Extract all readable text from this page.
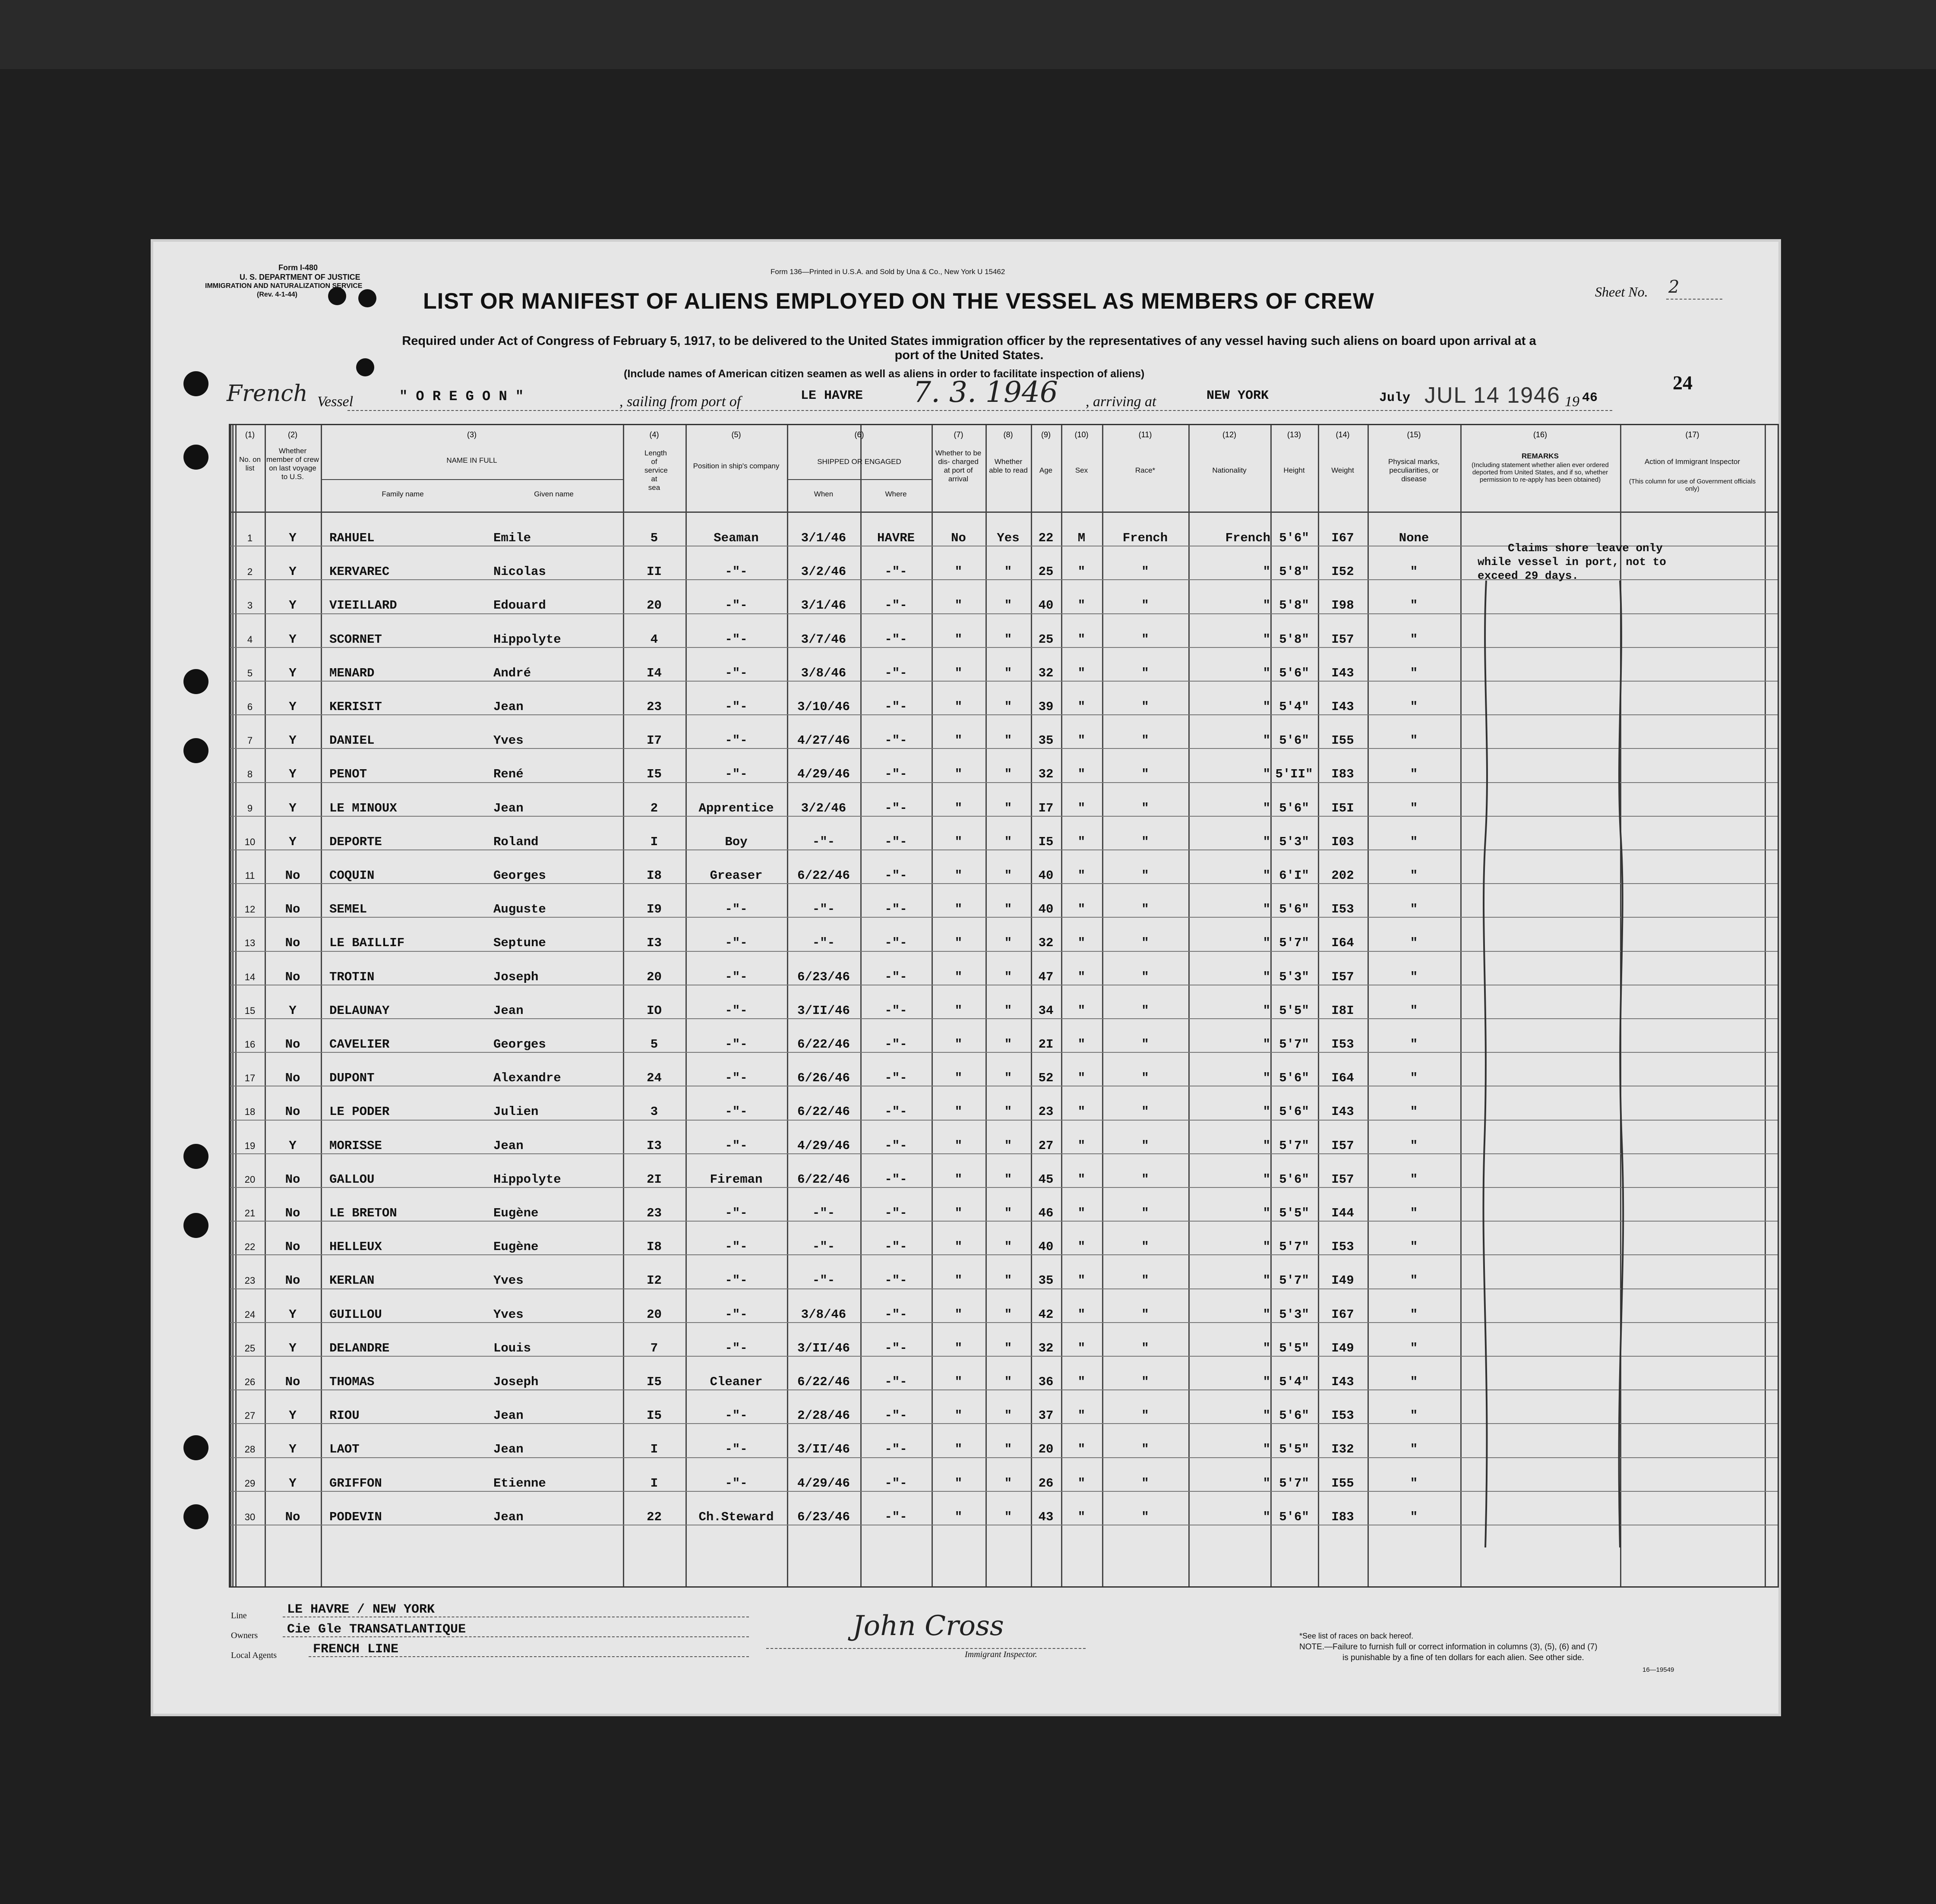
Form I-480
U. S. DEPARTMENT OF JUSTICE
IMMIGRATION AND NATURALIZATION SERVICE
(Rev. 4-1-44)
Form 136—Printed in U.S.A. and Sold by Una & Co., New York U 15462
Sheet No. 2
LIST OR MANIFEST OF ALIENS EMPLOYED ON THE VESSEL AS MEMBERS OF CREW
Required under Act of Congress of February 5, 1917, to be delivered to the United States immigration officer by the representatives of any vessel having such aliens on board upon arrival at a
port of the United States.
(Include names of American citizen seamen as well as aliens in order to facilitate inspection of aliens)	24
French Vessel	" O R E G O N "	, sailing from port of	LE HAVRE 7. 3. 1946 , arriving at	NEW YORK	July JUL 14 1946 19 46
(1)
No. on list
(2)
Whether member of crew on last voyage to U.S.
(3)
NAME IN FULL
Family name	Given name
(4)
Length of service at sea
(5)
Position in ship's company
(6)
SHIPPED OR ENGAGED
When	Where
(7)
Whether to be dis- charged at port of arrival
(8)
Whether able to read
(9)
Age
(10)
Sex
(11)
Race*
(12)
Nationality
(13)
Height
(14)
Weight
(15)
Physical marks, peculiarities, or disease
(16)
REMARKS
(Including statement whether alien ever ordered deported from United States, and if so, whether permission to re-apply has been obtained)
(17)
Action of Immigrant Inspector
(This column for use of Government officials only)
1	Y	RAHUEL	Emile	5	Seaman	3/1/46	HAVRE	No	Yes	22	M	French	French 5'6"	I67	None
2	Y	KERVAREC	Nicolas	II	-"-	3/2/46	-"-	"	"	25	"	"	" 5'8"	I52	"
3	Y	VIEILLARD	Edouard	20	-"-	3/1/46	-"-	"	"	40	"	"	" 5'8"	I98	"
4	Y	SCORNET	Hippolyte	4	-"-	3/7/46	-"-	"	"	25	"	"	" 5'8"	I57	"
5	Y	MENARD	André	I4	-"-	3/8/46	-"-	"	"	32	"	"	" 5'6"	I43	"
6	Y	KERISIT	Jean	23	-"-	3/10/46	-"-	"	"	39	"	"	" 5'4"	I43	"
7	Y	DANIEL	Yves	I7	-"-	4/27/46	-"-	"	"	35	"	"	" 5'6"	I55	"
8	Y	PENOT	René	I5	-"-	4/29/46	-"-	"	"	32	"	"	" 5'II"	I83	"
9	Y	LE MINOUX	Jean	2	Apprentice	3/2/46	-"-	"	"	I7	"	"	" 5'6"	I5I	"
10	Y	DEPORTE	Roland	I	Boy	-"-	-"-	"	"	I5	"	"	" 5'3"	I03	"
11	No	COQUIN	Georges	I8	Greaser	6/22/46	-"-	"	"	40	"	"	" 6'I"	202	"
12	No	SEMEL	Auguste	I9	-"-	-"-	-"-	"	"	40	"	"	" 5'6"	I53	"
13	No	LE BAILLIF	Septune	I3	-"-	-"-	-"-	"	"	32	"	"	" 5'7"	I64	"
14	No	TROTIN	Joseph	20	-"-	6/23/46	-"-	"	"	47	"	"	" 5'3"	I57	"
15	Y	DELAUNAY	Jean	IO	-"-	3/II/46	-"-	"	"	34	"	"	" 5'5"	I8I	"
16	No	CAVELIER	Georges	5	-"-	6/22/46	-"-	"	"	2I	"	"	" 5'7"	I53	"
17	No	DUPONT	Alexandre	24	-"-	6/26/46	-"-	"	"	52	"	"	" 5'6"	I64	"
18	No	LE PODER	Julien	3	-"-	6/22/46	-"-	"	"	23	"	"	" 5'6"	I43	"
19	Y	MORISSE	Jean	I3	-"-	4/29/46	-"-	"	"	27	"	"	" 5'7"	I57	"
20	No	GALLOU	Hippolyte	2I	Fireman	6/22/46	-"-	"	"	45	"	"	" 5'6"	I57	"
21	No	LE BRETON	Eugène	23	-"-	-"-	-"-	"	"	46	"	"	" 5'5"	I44	"
22	No	HELLEUX	Eugène	I8	-"-	-"-	-"-	"	"	40	"	"	" 5'7"	I53	"
23	No	KERLAN	Yves	I2	-"-	-"-	-"-	"	"	35	"	"	" 5'7"	I49	"
24	Y	GUILLOU	Yves	20	-"-	3/8/46	-"-	"	"	42	"	"	" 5'3"	I67	"
25	Y	DELANDRE	Louis	7	-"-	3/II/46	-"-	"	"	32	"	"	" 5'5"	I49	"
26	No	THOMAS	Joseph	I5	Cleaner	6/22/46	-"-	"	"	36	"	"	" 5'4"	I43	"
27	Y	RIOU	Jean	I5	-"-	2/28/46	-"-	"	"	37	"	"	" 5'6"	I53	"
28	Y	LAOT	Jean	I	-"-	3/II/46	-"-	"	"	20	"	"	" 5'5"	I32	"
29	Y	GRIFFON	Etienne	I	-"-	4/29/46	-"-	"	"	26	"	"	" 5'7"	I55	"
30	No	PODEVIN	Jean	22	Ch.Steward	6/23/46	-"-	"	"	43	"	"	" 5'6"	I83	"
Claims shore leave only
while vessel in port, not to
exceed 29 days.
Line	LE HAVRE / NEW YORK
Owners Cie Gle TRANSATLANTIQUE
Local Agents	FRENCH LINE
John Cross
Immigrant Inspector.
*See list of races on back hereof.
NOTE.—Failure to furnish full or correct information in columns (3), (5), (6) and (7)
is punishable by a fine of ten dollars for each alien. See other side.
16—19549
